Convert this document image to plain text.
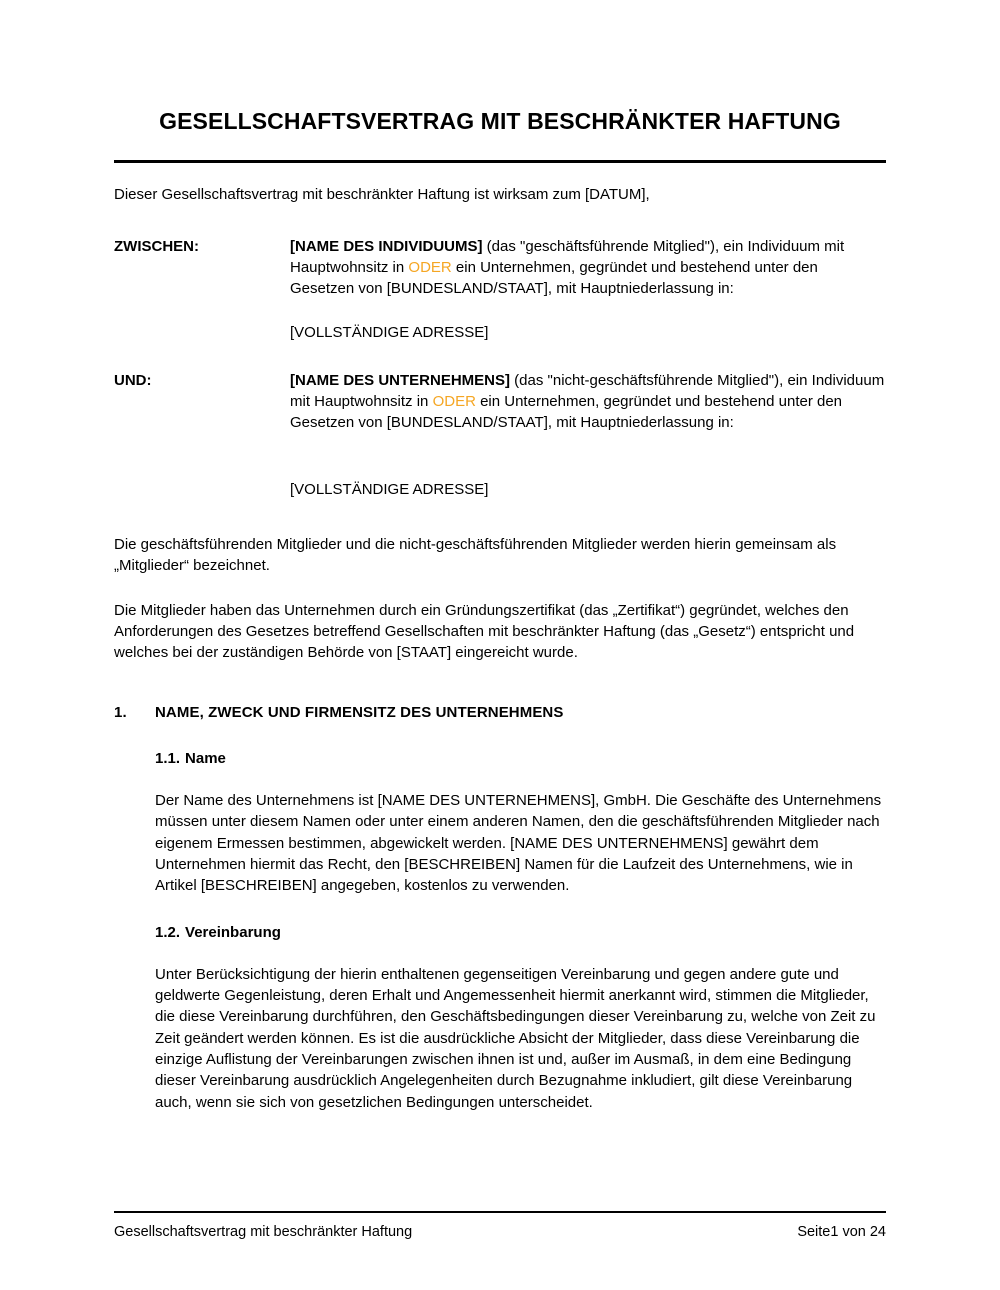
GESELLSCHAFTSVERTRAG MIT BESCHRÄNKTER HAFTUNG

Dieser Gesellschaftsvertrag mit beschränkter Haftung ist wirksam zum [DATUM],

ZWISCHEN:	[NAME DES INDIVIDUUMS] (das "geschäftsführende Mitglied"), ein Individuum mit Hauptwohnsitz in ODER ein Unternehmen, gegründet und bestehend unter den Gesetzen von [BUNDESLAND/STAAT], mit Hauptniederlassung in:
[VOLLSTÄNDIGE ADRESSE]
UND:	[NAME DES UNTERNEHMENS] (das "nicht-geschäftsführende Mitglied"), ein Individuum mit Hauptwohnsitz in ODER ein Unternehmen, gegründet und bestehend unter den Gesetzen von [BUNDESLAND/STAAT], mit Hauptniederlassung in:
[VOLLSTÄNDIGE ADRESSE]

Die geschäftsführenden Mitglieder und die nicht-geschäftsführenden Mitglieder werden hierin gemeinsam als „Mitglieder“ bezeichnet.

Die Mitglieder haben das Unternehmen durch ein Gründungszertifikat (das „Zertifikat“) gegründet, welches den Anforderungen des Gesetzes betreffend Gesellschaften mit beschränkter Haftung (das „Gesetz“) entspricht und welches bei der zuständigen Behörde von [STAAT] eingereicht wurde.

1.	NAME, ZWECK UND FIRMENSITZ DES UNTERNEHMENS
1.1. Name

Der Name des Unternehmens ist [NAME DES UNTERNEHMENS], GmbH. Die Geschäfte des Unternehmens müssen unter diesem Namen oder unter einem anderen Namen, den die geschäftsführenden Mitglieder nach eigenem Ermessen bestimmen, abgewickelt werden. [NAME DES UNTERNEHMENS] gewährt dem Unternehmen hiermit das Recht, den [BESCHREIBEN] Namen für die Laufzeit des Unternehmens, wie in Artikel [BESCHREIBEN] angegeben, kostenlos zu verwenden.

1.2. Vereinbarung

Unter Berücksichtigung der hierin enthaltenen gegenseitigen Vereinbarung und gegen andere gute und geldwerte Gegenleistung, deren Erhalt und Angemessenheit hiermit anerkannt wird, stimmen die Mitglieder, die diese Vereinbarung durchführen, den Geschäftsbedingungen dieser Vereinbarung zu, welche von Zeit zu Zeit geändert werden können. Es ist die ausdrückliche Absicht der Mitglieder, dass diese Vereinbarung die einzige Auflistung der Vereinbarungen zwischen ihnen ist und, außer im Ausmaß, in dem eine Bedingung dieser Vereinbarung ausdrücklich Angelegenheiten durch Bezugnahme inkludiert, gilt diese Vereinbarung auch, wenn sie sich von gesetzlichen Bedingungen unterscheidet.

Gesellschaftsvertrag mit beschränkter Haftung	Seite1 von 24
